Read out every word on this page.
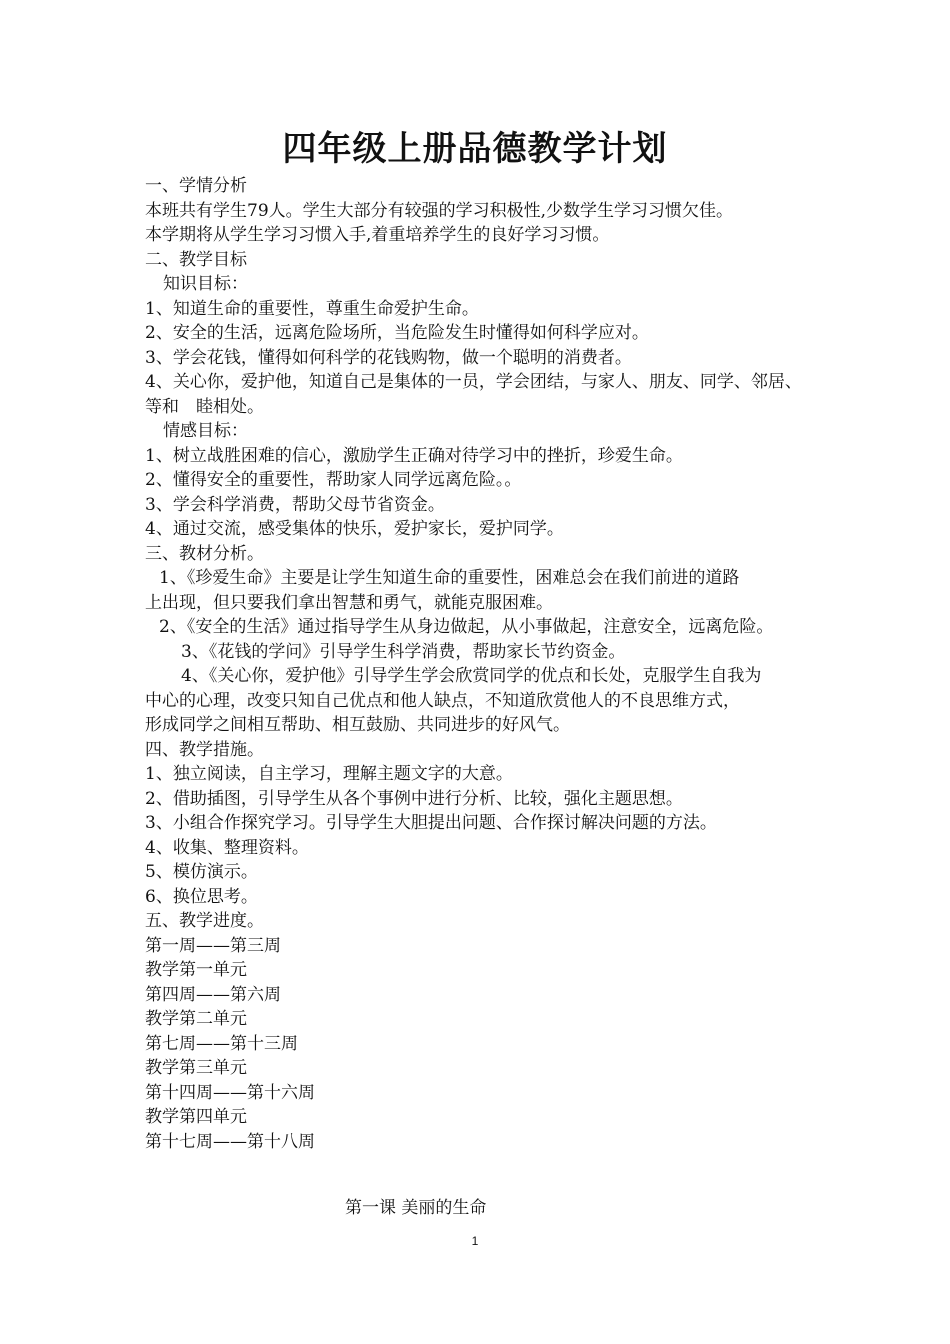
四年级上册品德教学计划
一、学情分析
本班共有学生79人。学生大部分有较强的学习积极性,少数学生学习习惯欠佳。
本学期将从学生学习习惯入手,着重培养学生的良好学习习惯。
二、教学目标
知识目标：
1、知道生命的重要性，尊重生命爱护生命。
2、安全的生活，远离危险场所，当危险发生时懂得如何科学应对。
3、学会花钱，懂得如何科学的花钱购物，做一个聪明的消费者。
4、关心你，爱护他，知道自己是集体的一员，学会团结，与家人、朋友、同学、邻居、
等和　睦相处。
情感目标：
1、树立战胜困难的信心，激励学生正确对待学习中的挫折，珍爱生命。
2、懂得安全的重要性，帮助家人同学远离危险。。
3、学会科学消费，帮助父母节省资金。
4、通过交流，感受集体的快乐，爱护家长，爱护同学。
三、教材分析。
1、《珍爱生命》主要是让学生知道生命的重要性，困难总会在我们前进的道路
上出现，但只要我们拿出智慧和勇气，就能克服困难。
2、《安全的生活》通过指导学生从身边做起，从小事做起，注意安全，远离危险。
3、《花钱的学问》引导学生科学消费，帮助家长节约资金。
4、《关心你，爱护他》引导学生学会欣赏同学的优点和长处，克服学生自我为
中心的心理，改变只知自己优点和他人缺点，不知道欣赏他人的不良思维方式，
形成同学之间相互帮助、相互鼓励、共同进步的好风气。
四、教学措施。
1、独立阅读，自主学习，理解主题文字的大意。
2、借助插图，引导学生从各个事例中进行分析、比较，强化主题思想。
3、小组合作探究学习。引导学生大胆提出问题、合作探讨解决问题的方法。
4、收集、整理资料。
5、模仿演示。
6、换位思考。
五、教学进度。
第一周——第三周
教学第一单元
第四周——第六周
教学第二单元
第七周——第十三周
教学第三单元
第十四周——第十六周
教学第四单元
第十七周——第十八周
第一课 美丽的生命
1
